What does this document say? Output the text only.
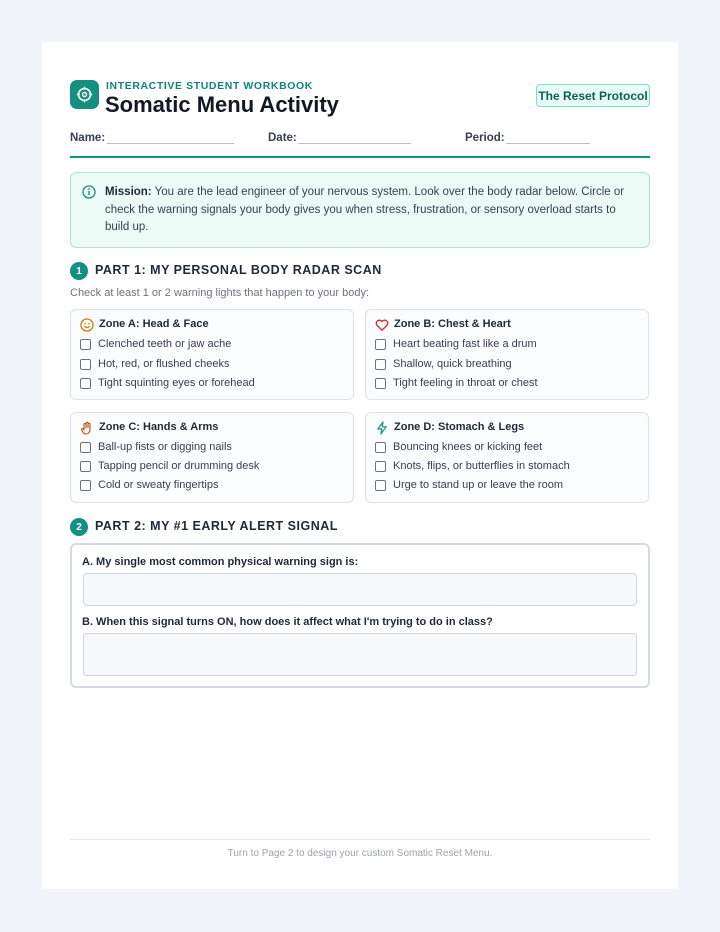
INTERACTIVE STUDENT WORKBOOK
Somatic Menu Activity	The Reset Protocol
Name:	Date:	Period:
Mission: You are the lead engineer of your nervous system. Look over the body radar below. Circle or check the warning signals your body gives you when stress, frustration, or sensory overload starts to build up.
1	PART 1: MY PERSONAL BODY RADAR SCAN
Check at least 1 or 2 warning lights that happen to your body:
Zone A: Head & Face
Clenched teeth or jaw ache
Hot, red, or flushed cheeks
Tight squinting eyes or forehead
Zone B: Chest & Heart
Heart beating fast like a drum
Shallow, quick breathing
Tight feeling in throat or chest
Zone C: Hands & Arms
Ball-up fists or digging nails
Tapping pencil or drumming desk
Cold or sweaty fingertips
Zone D: Stomach & Legs
Bouncing knees or kicking feet
Knots, flips, or butterflies in stomach
Urge to stand up or leave the room
2	PART 2: MY #1 EARLY ALERT SIGNAL
A. My single most common physical warning sign is:
B. When this signal turns ON, how does it affect what I'm trying to do in class?
Turn to Page 2 to design your custom Somatic Reset Menu.
